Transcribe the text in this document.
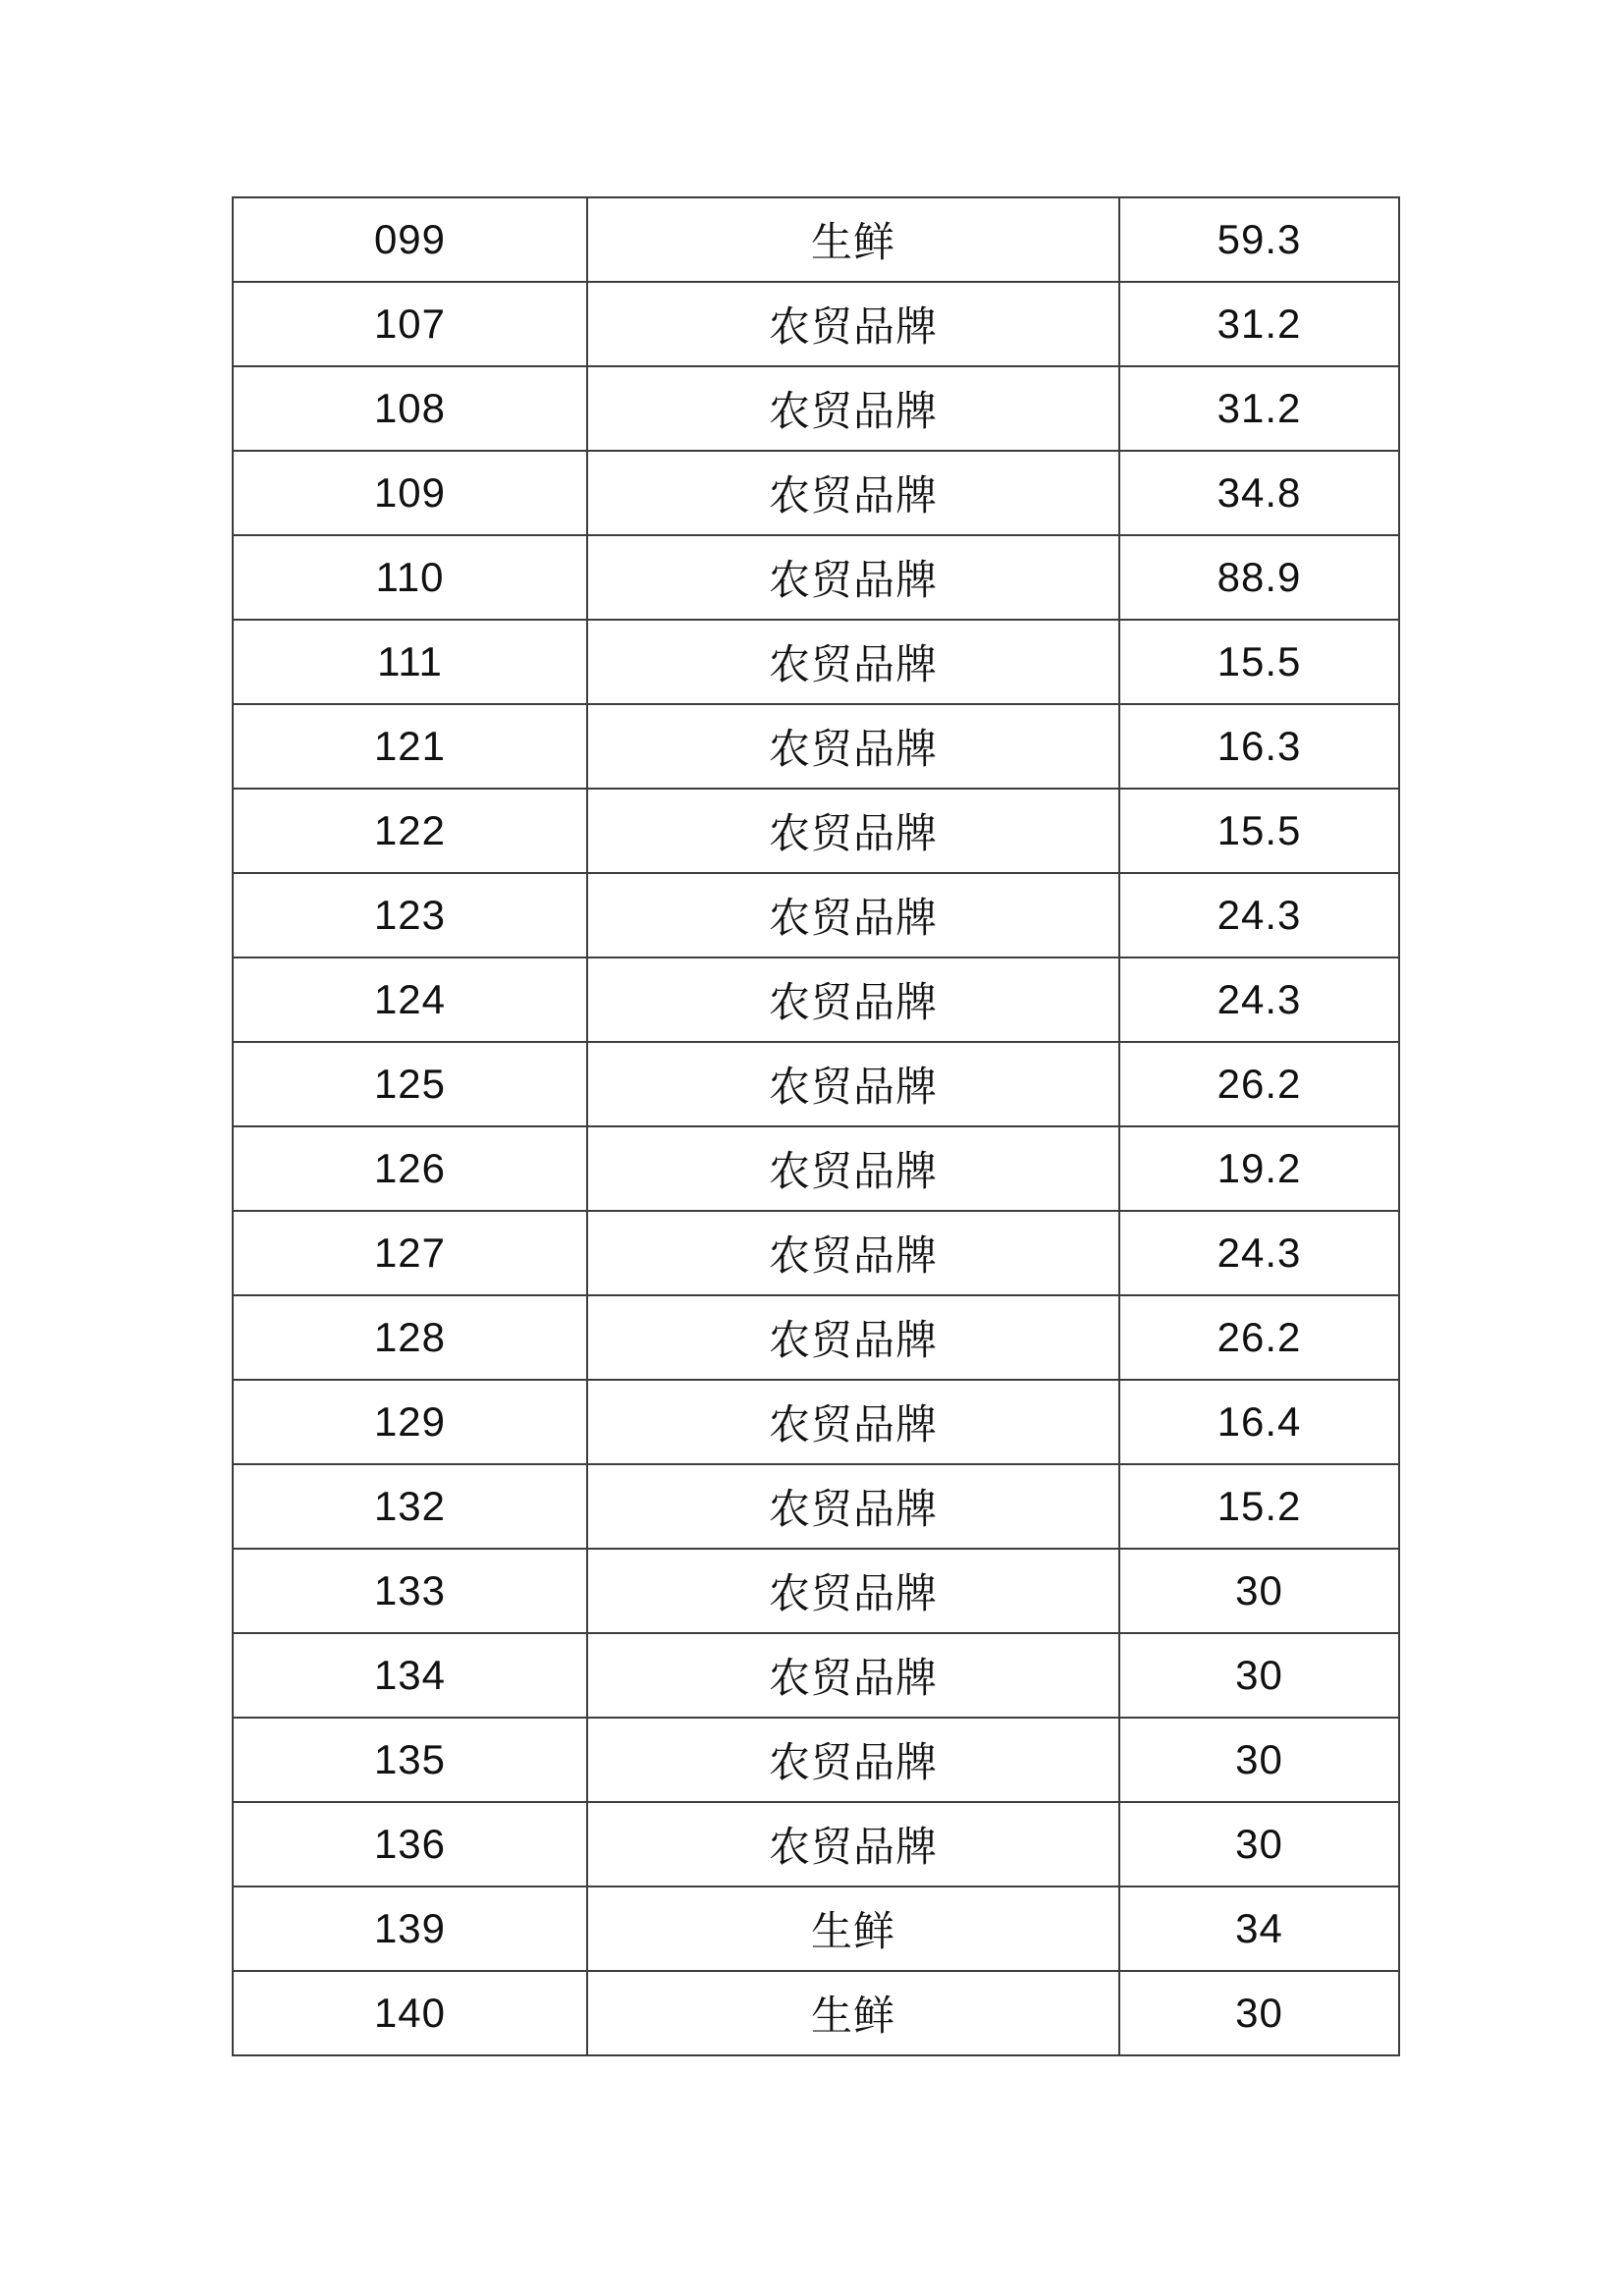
099	生鲜	59.3
107	农贸品牌	31.2
108	农贸品牌	31.2
109	农贸品牌	34.8
110	农贸品牌	88.9
111	农贸品牌	15.5
121	农贸品牌	16.3
122	农贸品牌	15.5
123	农贸品牌	24.3
124	农贸品牌	24.3
125	农贸品牌	26.2
126	农贸品牌	19.2
127	农贸品牌	24.3
128	农贸品牌	26.2
129	农贸品牌	16.4
132	农贸品牌	15.2
133	农贸品牌	30
134	农贸品牌	30
135	农贸品牌	30
136	农贸品牌	30
139	生鲜	34
140	生鲜	30
